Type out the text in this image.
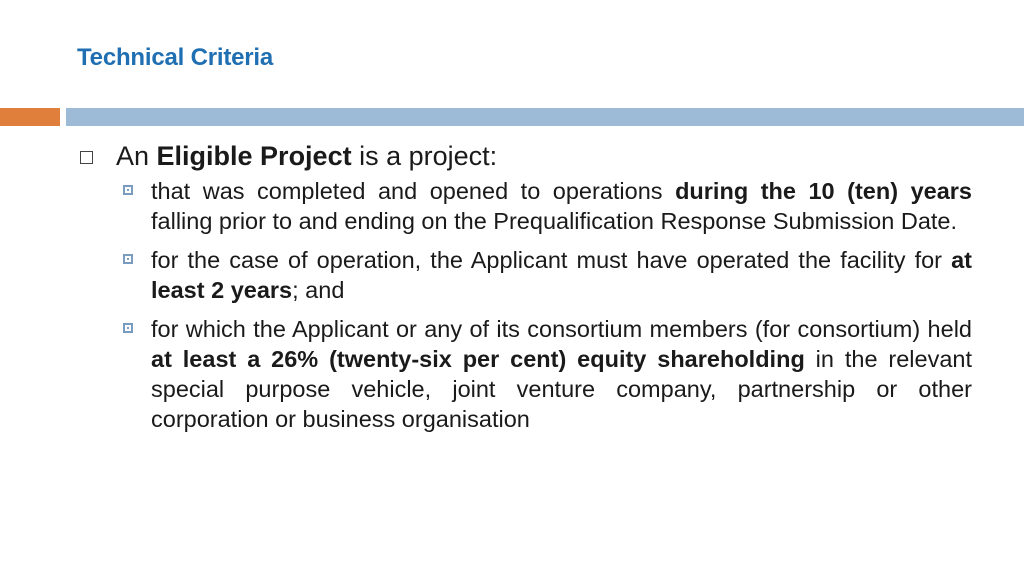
Technical Criteria
An Eligible Project is a project:
that was completed and opened to operations during the 10 (ten) years falling prior to and ending on the Prequalification Response Submission Date.
for the case of operation, the Applicant must have operated the facility for at least 2 years; and
for which the Applicant or any of its consortium members (for consortium) held at least a 26% (twenty-six per cent) equity shareholding in the relevant special purpose vehicle, joint venture company, partnership or other corporation or business organisation
